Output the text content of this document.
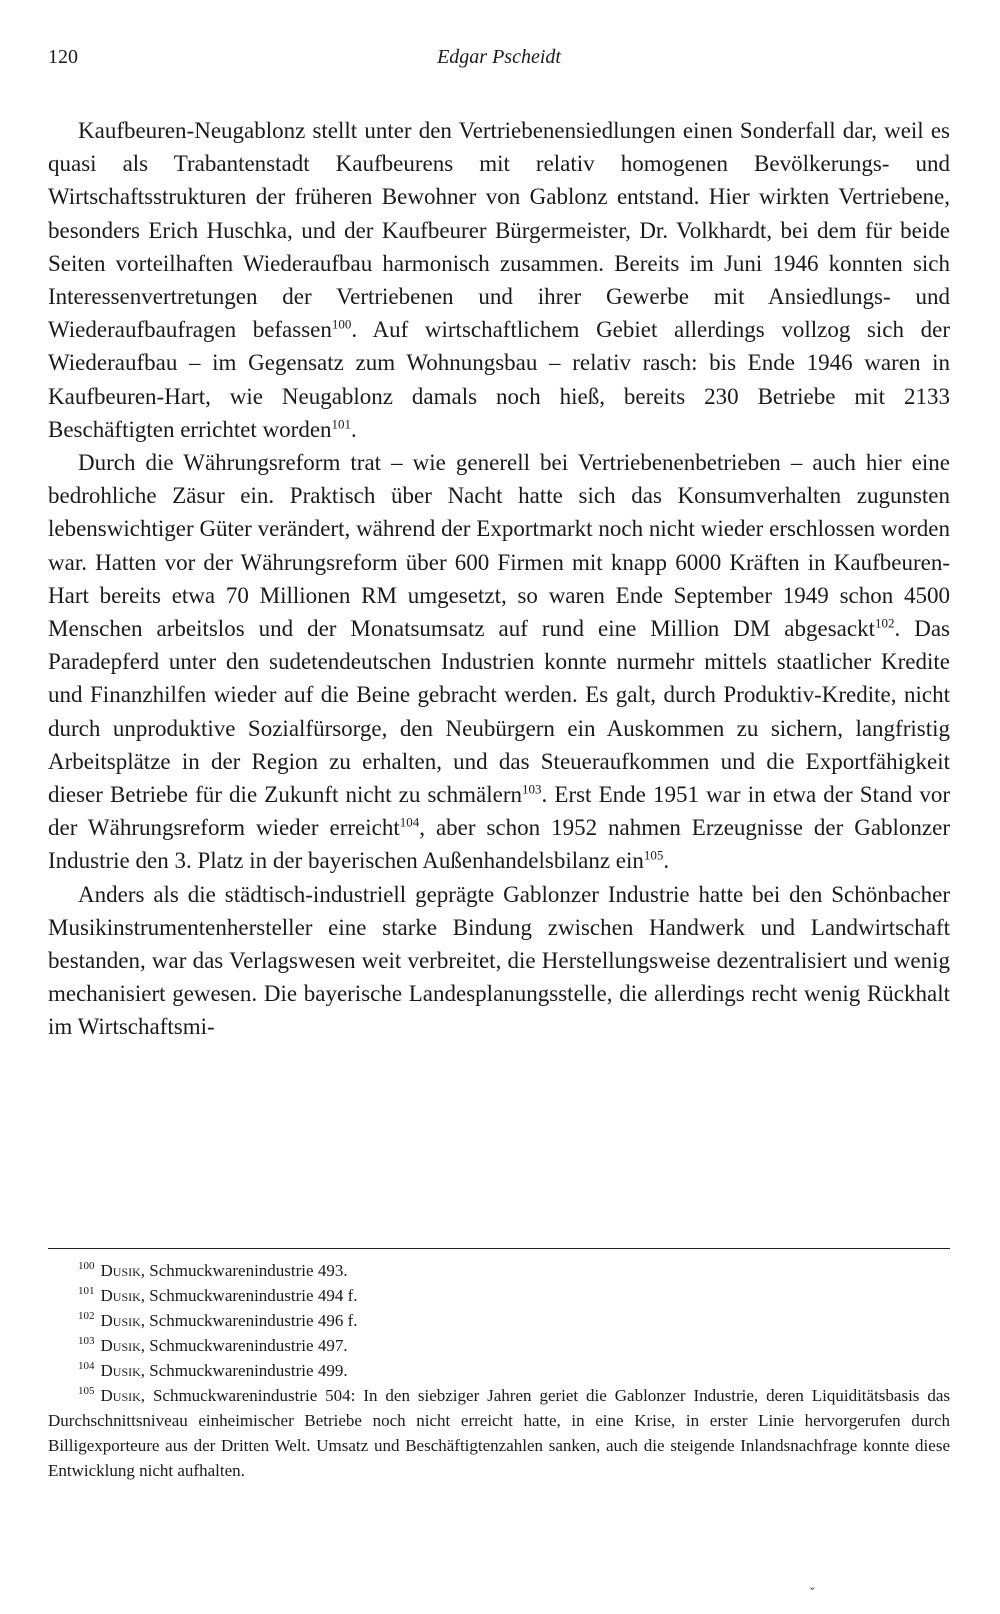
120	Edgar Pscheidt

Kaufbeuren-Neugablonz stellt unter den Vertriebenensiedlungen einen Sonderfall dar, weil es quasi als Trabantenstadt Kaufbeurens mit relativ homogenen Bevölkerungs- und Wirtschaftsstrukturen der früheren Bewohner von Gablonz entstand. Hier wirkten Vertriebene, besonders Erich Huschka, und der Kaufbeurer Bürgermeister, Dr. Volkhardt, bei dem für beide Seiten vorteilhaften Wiederaufbau harmonisch zusammen. Bereits im Juni 1946 konnten sich Interessenvertretungen der Vertriebenen und ihrer Gewerbe mit Ansiedlungs- und Wiederaufbaufragen befassen$^{100}$. Auf wirtschaftlichem Gebiet allerdings vollzog sich der Wiederaufbau – im Gegensatz zum Wohnungsbau – relativ rasch: bis Ende 1946 waren in Kaufbeuren-Hart, wie Neugablonz damals noch hieß, bereits 230 Betriebe mit 2133 Beschäftigten errichtet worden$^{101}$.

Durch die Währungsreform trat – wie generell bei Vertriebenenbetrieben – auch hier eine bedrohliche Zäsur ein. Praktisch über Nacht hatte sich das Konsumverhalten zugunsten lebenswichtiger Güter verändert, während der Exportmarkt noch nicht wieder erschlossen worden war. Hatten vor der Währungsreform über 600 Firmen mit knapp 6000 Kräften in Kaufbeuren-Hart bereits etwa 70 Millionen RM umgesetzt, so waren Ende September 1949 schon 4500 Menschen arbeitslos und der Monatsumsatz auf rund eine Million DM abgesackt$^{102}$. Das Paradepferd unter den sudetendeutschen Industrien konnte nurmehr mittels staatlicher Kredite und Finanzhilfen wieder auf die Beine gebracht werden. Es galt, durch Produktiv-Kredite, nicht durch unproduktive Sozialfürsorge, den Neubürgern ein Auskommen zu sichern, langfristig Arbeitsplätze in der Region zu erhalten, und das Steueraufkommen und die Exportfähigkeit dieser Betriebe für die Zukunft nicht zu schmälern$^{103}$. Erst Ende 1951 war in etwa der Stand vor der Währungsreform wieder erreicht$^{104}$, aber schon 1952 nahmen Erzeugnisse der Gablonzer Industrie den 3. Platz in der bayerischen Außenhandelsbilanz ein$^{105}$.

Anders als die städtisch-industriell geprägte Gablonzer Industrie hatte bei den Schönbacher Musikinstrumentenhersteller eine starke Bindung zwischen Handwerk und Landwirtschaft bestanden, war das Verlagswesen weit verbreitet, die Herstellungsweise dezentralisiert und wenig mechanisiert gewesen. Die bayerische Landesplanungsstelle, die allerdings recht wenig Rückhalt im Wirtschaftsmi-

$^{100}$ Dusik, Schmuckwarenindustrie 493.

$^{101}$ Dusik, Schmuckwarenindustrie 494 f.

$^{102}$ Dusik, Schmuckwarenindustrie 496 f.

$^{103}$ Dusik, Schmuckwarenindustrie 497.

$^{104}$ Dusik, Schmuckwarenindustrie 499.

$^{105}$ Dusik, Schmuckwarenindustrie 504: In den siebziger Jahren geriet die Gablonzer Industrie, deren Liquiditätsbasis das Durchschnittsniveau einheimischer Betriebe noch nicht erreicht hatte, in eine Krise, in erster Linie hervorgerufen durch Billigexporteure aus der Dritten Welt. Umsatz und Beschäftigtenzahlen sanken, auch die steigende Inlandsnachfrage konnte diese Entwicklung nicht aufhalten.

ˇ
